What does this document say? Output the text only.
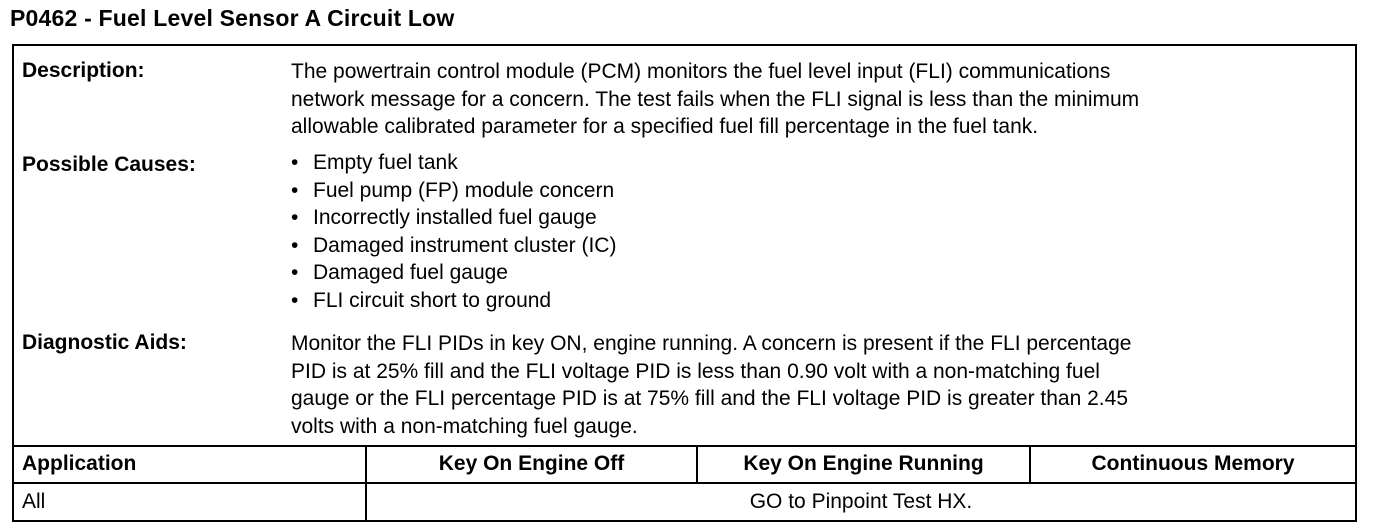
P0462 - Fuel Level Sensor A Circuit Low
Description:	The powertrain control module (PCM) monitors the fuel level input (FLI) communications

network message for a concern. The test fails when the FLI signal is less than the minimum

allowable calibrated parameter for a specified fuel fill percentage in the fuel tank.

Possible Causes:	• Empty fuel tank
• Fuel pump (FP) module concern
• Incorrectly installed fuel gauge
• Damaged instrument cluster (IC)
• Damaged fuel gauge
• FLI circuit short to ground
Diagnostic Aids:	Monitor the FLI PIDs in key ON, engine running. A concern is present if the FLI percentage

PID is at 25% fill and the FLI voltage PID is less than 0.90 volt with a non-matching fuel

gauge or the FLI percentage PID is at 75% fill and the FLI voltage PID is greater than 2.45

volts with a non-matching fuel gauge.

Application	Key On Engine Off	Key On Engine Running	Continuous Memory
All	GO to Pinpoint Test HX.
